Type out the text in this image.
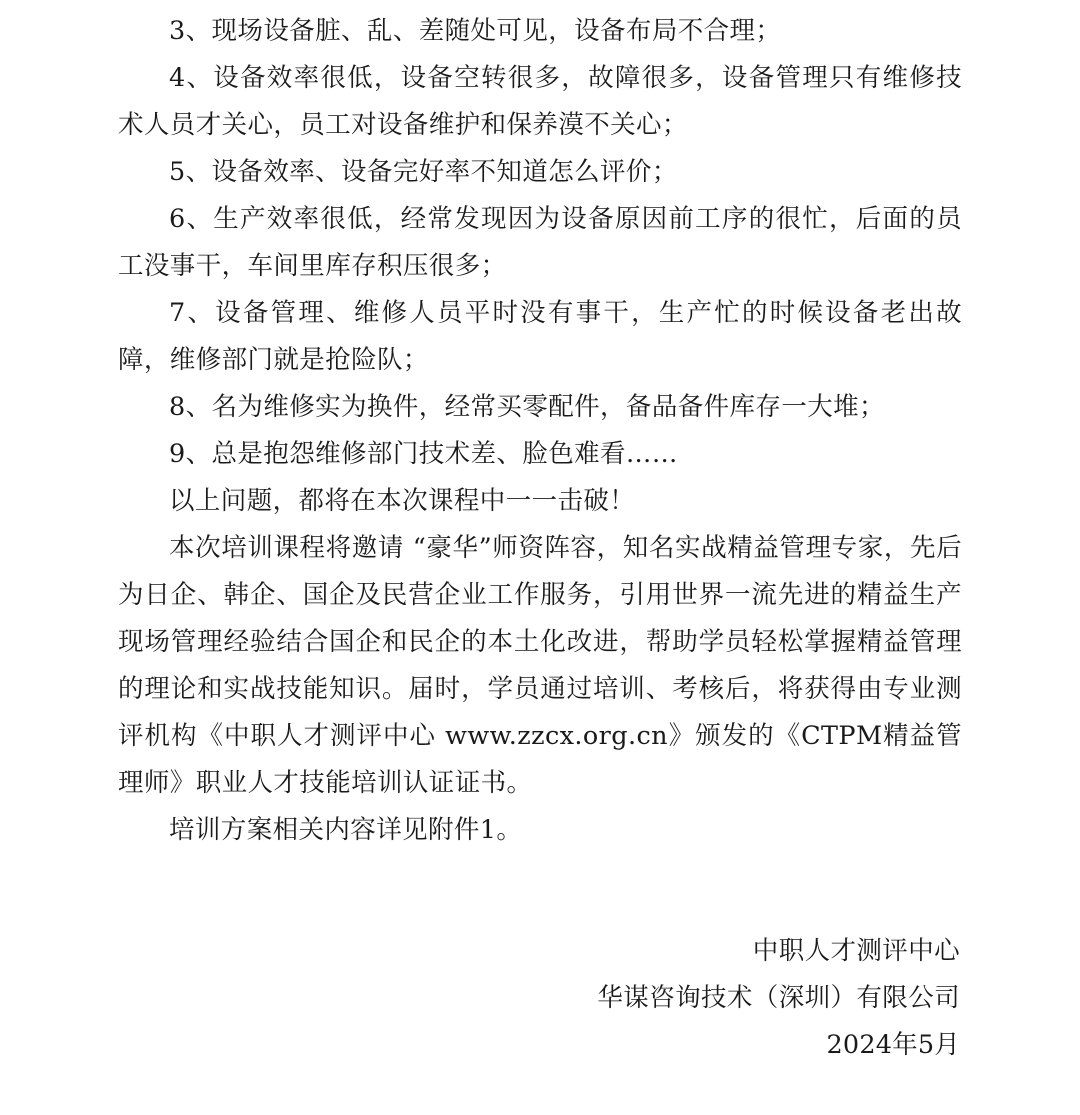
3、现场设备脏、乱、差随处可见，设备布局不合理；

4、设备效率很低，设备空转很多，故障很多，设备管理只有维修技术人员才关心，员工对设备维护和保养漠不关心；

5、设备效率、设备完好率不知道怎么评价；

6、生产效率很低，经常发现因为设备原因前工序的很忙，后面的员工没事干，车间里库存积压很多；

7、设备管理、维修人员平时没有事干，生产忙的时候设备老出故障，维修部门就是抢险队；

8、名为维修实为换件，经常买零配件，备品备件库存一大堆；

9、总是抱怨维修部门技术差、脸色难看……

以上问题，都将在本次课程中一一击破！

本次培训课程将邀请 “豪华”师资阵容，知名实战精益管理专家，先后为日企、韩企、国企及民营企业工作服务，引用世界一流先进的精益生产现场管理经验结合国企和民企的本土化改进，帮助学员轻松掌握精益管理的理论和实战技能知识。届时，学员通过培训、考核后，将获得由专业测评机构《中职人才测评中心 www.zzcx.org.cn》颁发的《CTPM精益管理师》职业人才技能培训认证证书。

培训方案相关内容详见附件1。

中职人才测评中心
华谋咨询技术（深圳）有限公司
2024年5月
